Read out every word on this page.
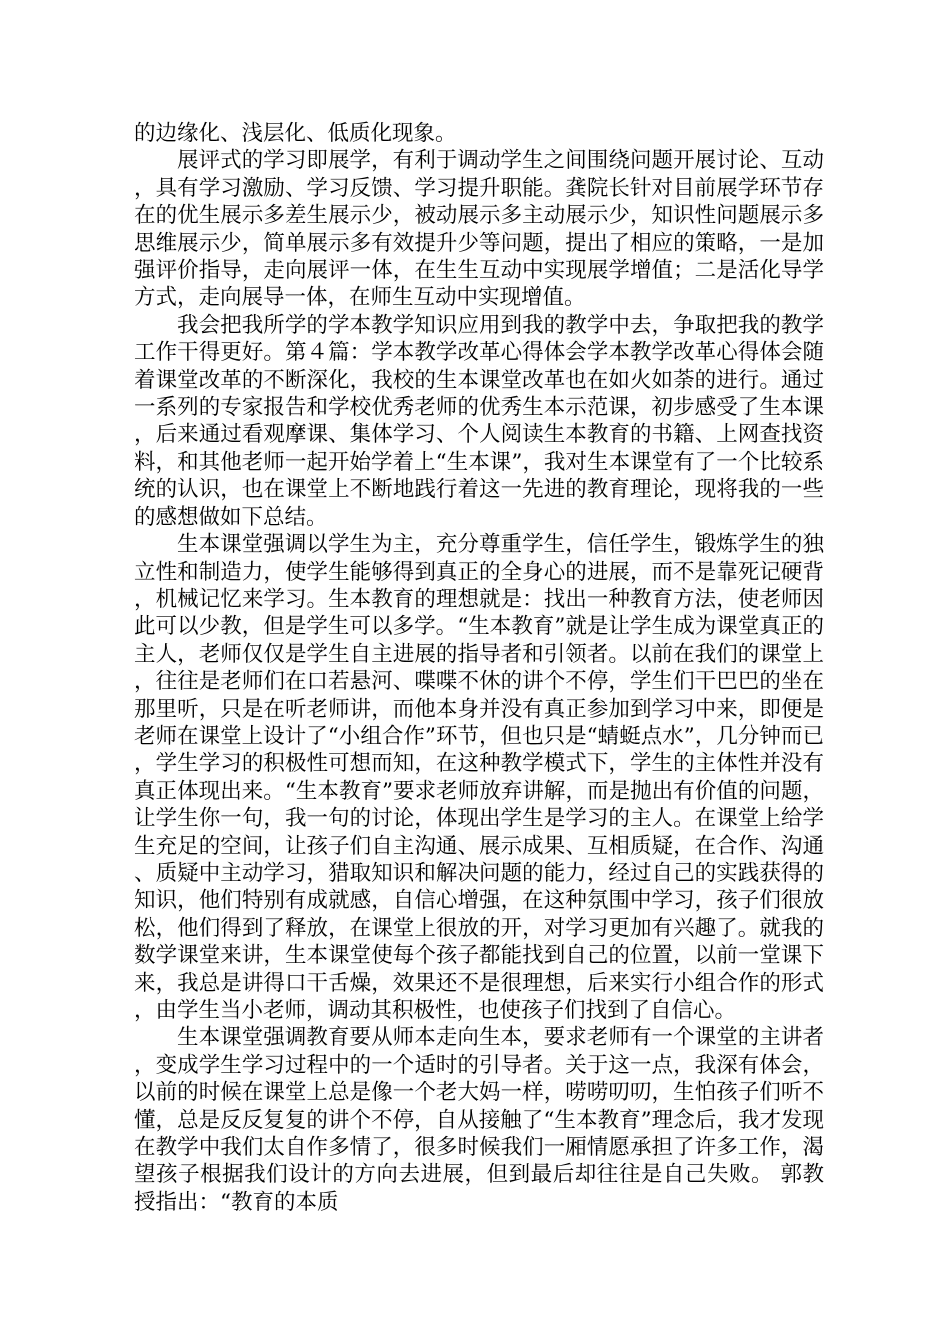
的边缘化、浅层化、低质化现象。

展评式的学习即展学，有利于调动学生之间围绕问题开展讨论、互动，具有学习激励、学习反馈、学习提升职能。龚院长针对目前展学环节存在的优生展示多差生展示少，被动展示多主动展示少，知识性问题展示多思维展示少，简单展示多有效提升少等问题，提出了相应的策略，一是加强评价指导，走向展评一体，在生生互动中实现展学增值；二是活化导学方式，走向展导一体，在师生互动中实现增值。

我会把我所学的学本教学知识应用到我的教学中去，争取把我的教学工作干得更好。第４篇：学本教学改革心得体会学本教学改革心得体会随着课堂改革的不断深化，我校的生本课堂改革也在如火如荼的进行。通过一系列的专家报告和学校优秀老师的优秀生本示范课，初步感受了生本课，后来通过看观摩课、集体学习、个人阅读生本教育的书籍、上网查找资料，和其他老师一起开始学着上“生本课”，我对生本课堂有了一个比较系统的认识，也在课堂上不断地践行着这一先进的教育理论，现将我的一些的感想做如下总结。

生本课堂强调以学生为主，充分尊重学生，信任学生，锻炼学生的独立性和制造力，使学生能够得到真正的全身心的进展，而不是靠死记硬背，机械记忆来学习。生本教育的理想就是：找出一种教育方法，使老师因此可以少教，但是学生可以多学。“生本教育”就是让学生成为课堂真正的主人，老师仅仅是学生自主进展的指导者和引领者。以前在我们的课堂上，往往是老师们在口若悬河、喋喋不休的讲个不停，学生们干巴巴的坐在那里听，只是在听老师讲，而他本身并没有真正参加到学习中来，即便是老师在课堂上设计了“小组合作”环节，但也只是“蜻蜓点水”，几分钟而已，学生学习的积极性可想而知，在这种教学模式下，学生的主体性并没有真正体现出来。“生本教育”要求老师放弃讲解，而是抛出有价值的问题，让学生你一句，我一句的讨论，体现出学生是学习的主人。在课堂上给学生充足的空间，让孩子们自主沟通、展示成果、互相质疑，在合作、沟通、质疑中主动学习，猎取知识和解决问题的能力，经过自己的实践获得的知识，他们特别有成就感，自信心增强，在这种氛围中学习，孩子们很放松，他们得到了释放，在课堂上很放的开，对学习更加有兴趣了。就我的数学课堂来讲，生本课堂使每个孩子都能找到自己的位置，以前一堂课下来，我总是讲得口干舌燥，效果还不是很理想，后来实行小组合作的形式，由学生当小老师，调动其积极性，也使孩子们找到了自信心。

生本课堂强调教育要从师本走向生本，要求老师有一个课堂的主讲者，变成学生学习过程中的一个适时的引导者。关于这一点，我深有体会，以前的时候在课堂上总是像一个老大妈一样，唠唠叨叨，生怕孩子们听不懂，总是反反复复的讲个不停，自从接触了“生本教育”理念后，我才发现在教学中我们太自作多情了，很多时候我们一厢情愿承担了许多工作，渴望孩子根据我们设计的方向去进展，但到最后却往往是自己失败。 郭教授指出：“教育的本质
